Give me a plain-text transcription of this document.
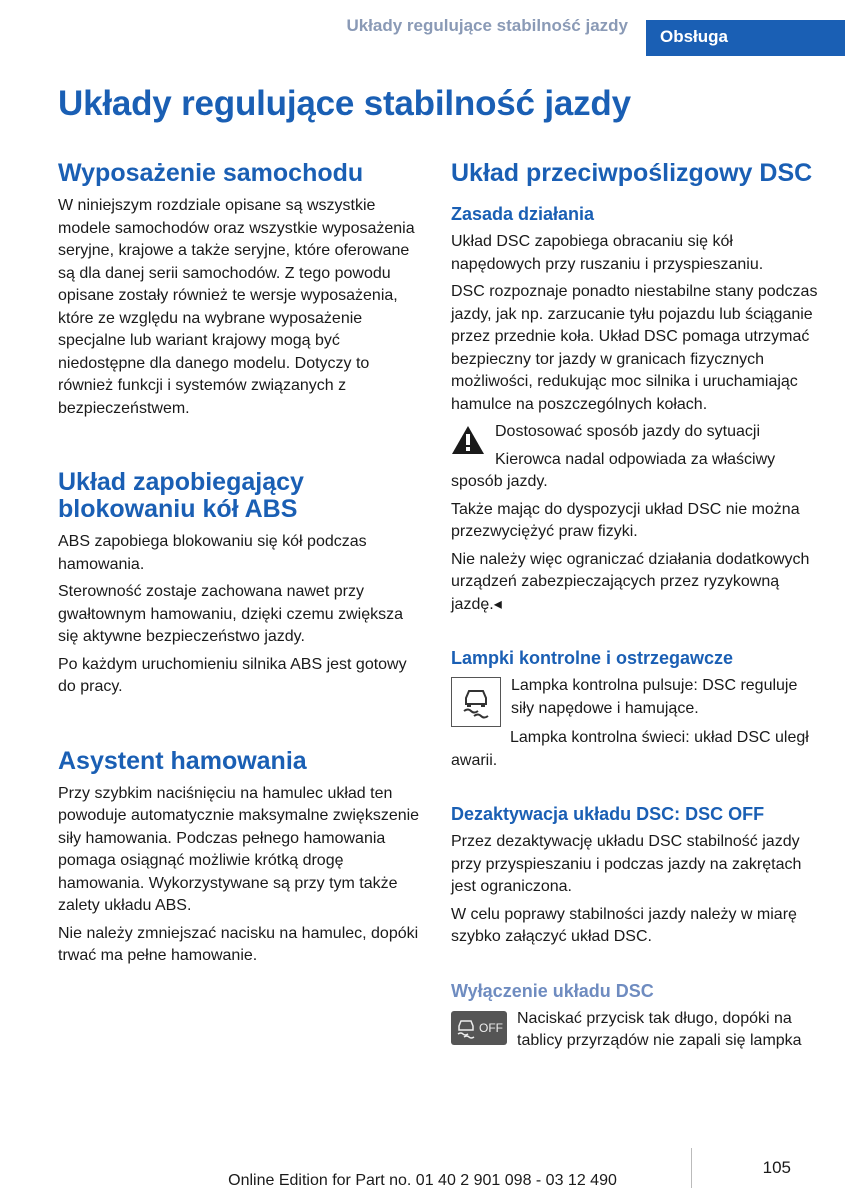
Układy regulujące stabilność jazdy
Obsługa
Układy regulujące stabilność jazdy
Wyposażenie samochodu

W niniejszym rozdziale opisane są wszystkie modele samochodów oraz wszystkie wyposażenia seryjne, krajowe a także seryjne, które oferowane są dla danej serii samochodów. Z tego powodu opisane zostały również te wersje wyposażenia, które ze względu na wybrane wyposażenie specjalne lub wariant krajowy mogą być niedostępne dla danego modelu. Dotyczy to również funkcji i systemów związanych z bezpieczeństwem.

Układ zapobiegający blokowaniu kół ABS

ABS zapobiega blokowaniu się kół podczas hamowania.

Sterowność zostaje zachowana nawet przy gwałtownym hamowaniu, dzięki czemu zwiększa się aktywne bezpieczeństwo jazdy.

Po każdym uruchomieniu silnika ABS jest gotowy do pracy.

Asystent hamowania

Przy szybkim naciśnięciu na hamulec układ ten powoduje automatycznie maksymalne zwiększenie siły hamowania. Podczas pełnego hamowania pomaga osiągnąć możliwie krótką drogę hamowania. Wykorzystywane są przy tym także zalety układu ABS.

Nie należy zmniejszać nacisku na hamulec, dopóki trwać ma pełne hamowanie.

Układ przeciwpoślizgowy DSC
Zasada działania

Układ DSC zapobiega obracaniu się kół napędowych przy ruszaniu i przyspieszaniu.

DSC rozpoznaje ponadto niestabilne stany podczas jazdy, jak np. zarzucanie tyłu pojazdu lub ściąganie przez przednie koła. Układ DSC pomaga utrzymać bezpieczny tor jazdy w granicach fizycznych możliwości, redukując moc silnika i uruchamiając hamulce na poszczególnych kołach.

Dostosować sposób jazdy do sytuacji

Kierowca nadal odpowiada za właściwy sposób jazdy.

Także mając do dyspozycji układ DSC nie można przezwyciężyć praw fizyki.

Nie należy więc ograniczać działania dodatkowych urządzeń zabezpieczających przez ryzykowną jazdę.◂

Lampki kontrolne i ostrzegawcze

Lampka kontrolna pulsuje: DSC reguluje siły napędowe i hamujące.

Lampka kontrolna świeci: układ DSC uległ awarii.

Dezaktywacja układu DSC: DSC OFF

Przez dezaktywację układu DSC stabilność jazdy przy przyspieszaniu i podczas jazdy na zakrętach jest ograniczona.

W celu poprawy stabilności jazdy należy w miarę szybko załączyć układ DSC.

Wyłączenie układu DSC
OFF

Naciskać przycisk tak długo, dopóki na tablicy przyrządów nie zapali się lampka

105
Online Edition for Part no. 01 40 2 901 098 - 03 12 490
